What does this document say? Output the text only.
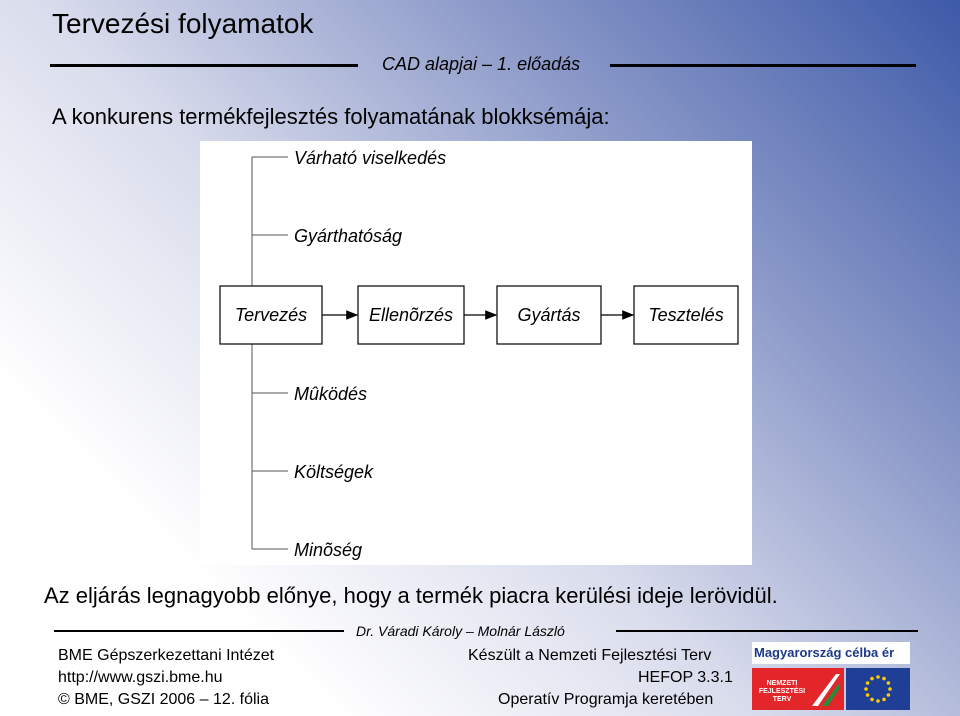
Tervezési folyamatok
CAD alapjai – 1. előadás
A konkurens termékfejlesztés folyamatának blokksémája:
Várható viselkedés
Gyárthatóság
Tervezés	Ellenõrzés	Gyártás	Tesztelés
Mûködés
Költségek
Minõség
Az eljárás legnagyobb előnye, hogy a termék piacra kerülési ideje lerövidül.
Dr. Váradi Károly – Molnár László
BME Gépszerkezettani Intézet
http://www.gszi.bme.hu
© BME, GSZI 2006 – 12. fólia
Készült a Nemzeti Fejlesztési Terv
HEFOP 3.3.1
Operatív Programja keretében
Magyarország célba ér
NEMZETI FEJLESZTÉSI TERV
